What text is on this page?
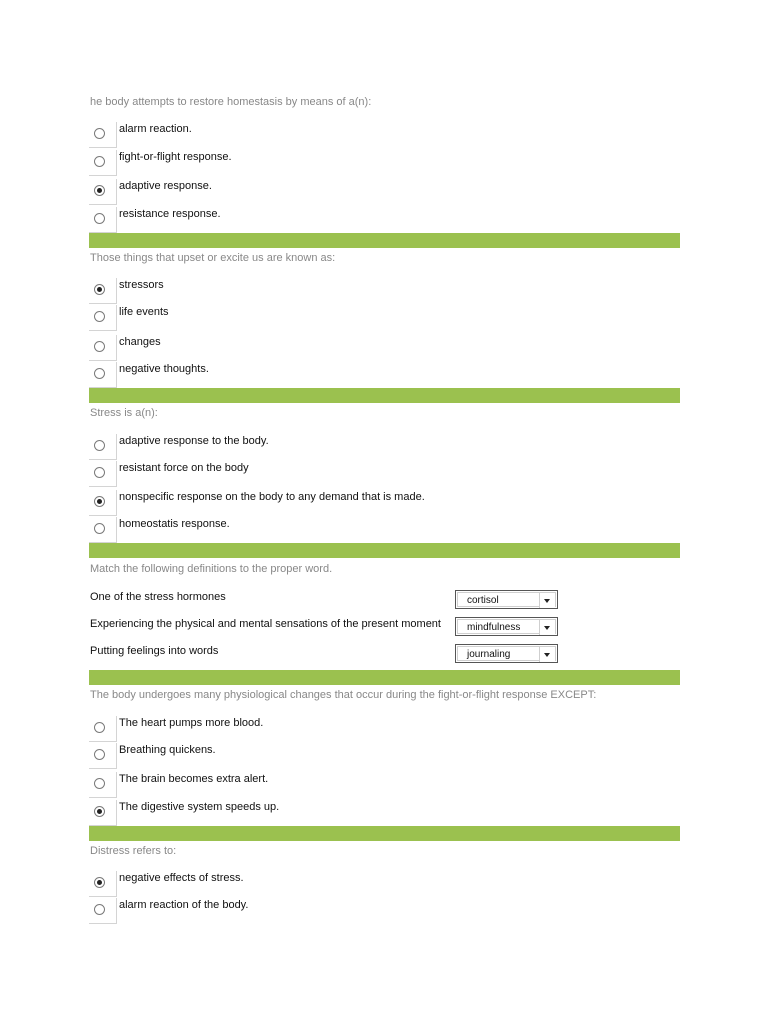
he body attempts to restore homestasis by means of a(n):
alarm reaction.
fight-or-flight response.
adaptive response.
resistance response.
Those things that upset or excite us are known as:
stressors
life events
changes
negative thoughts.
Stress is a(n):
adaptive response to the body.
resistant force on the body
nonspecific response on the body to any demand that is made.
homeostatis response.
Match the following definitions to the proper word.
One of the stress hormones	cortisol
Experiencing the physical and mental sensations of the present moment	mindfulness
Putting feelings into words	journaling
The body undergoes many physiological changes that occur during the fight-or-flight response EXCEPT:
The heart pumps more blood.
Breathing quickens.
The brain becomes extra alert.
The digestive system speeds up.
Distress refers to:
negative effects of stress.
alarm reaction of the body.
